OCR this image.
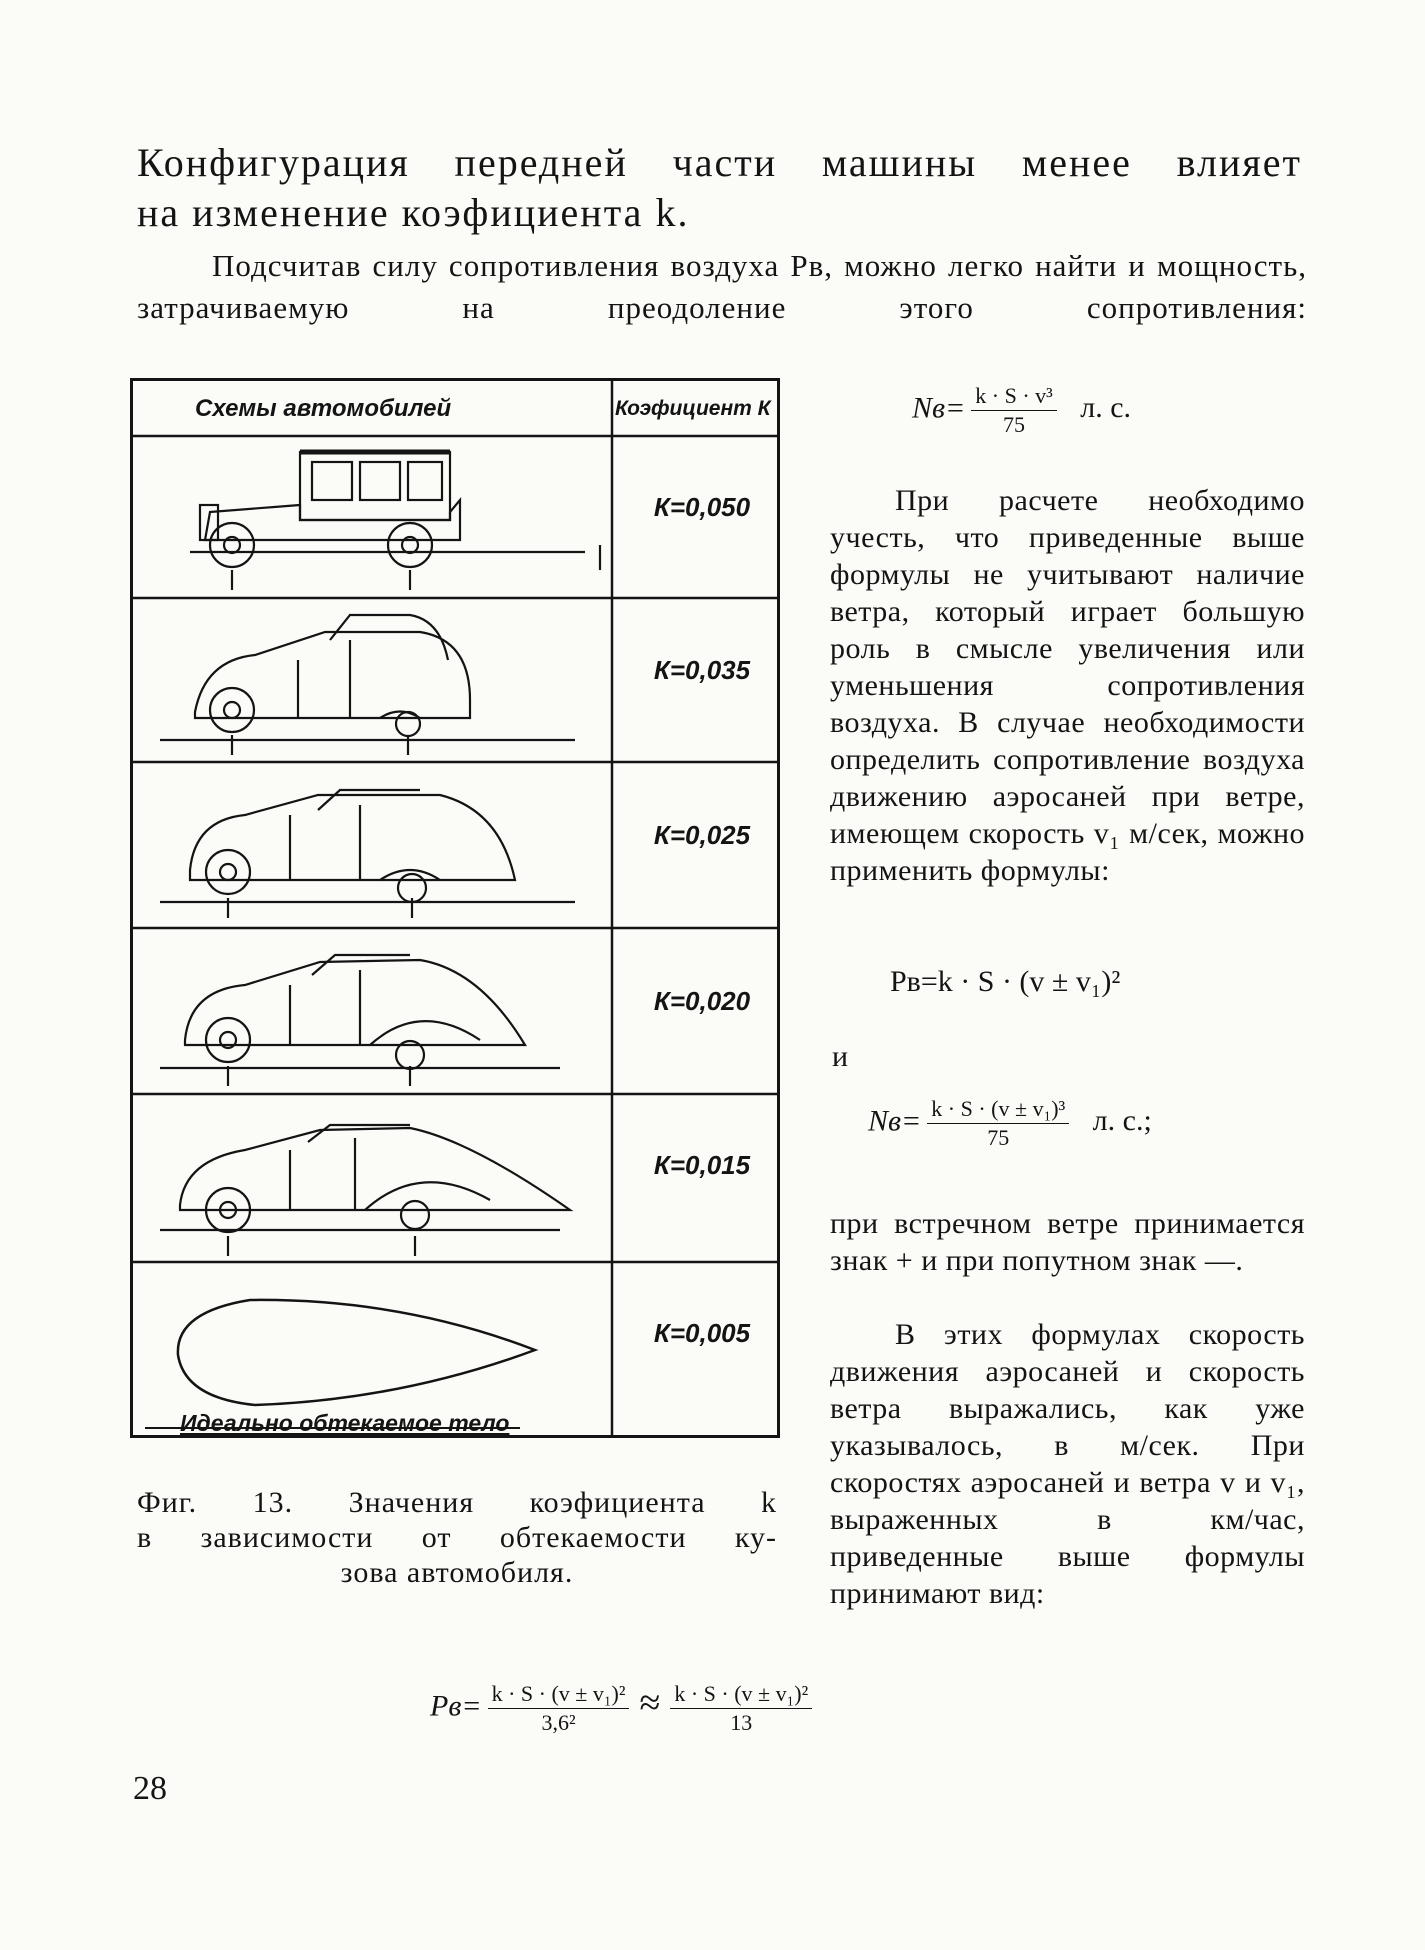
Конфигурация передней части машины менее влияет
на изменение коэфициента k.
Подсчитав силу сопротивления воздуха Pв, можно легко найти и мощность, затрачиваемую на преодоление этого сопротивления:
$Nв= \frac{\text{k · S · v³}}{75} л$. с.
Схемы автомобилей	Коэфициент К
К=0,050
К=0,035
К=0,025
К=0,020
К=0,015
К=0,005
Идеально обтекаемое тело
Фиг. 13. Значения коэфициента k
в зависимости от обтекаемости ку-
зова автомобиля.
При расчете необходимо учесть, что приведенные выше формулы не учитывают наличие ветра, который играет большую роль в смысле увеличения или уменьшения сопротивления воздуха. В случае необходимости определить сопротивление воздуха движению аэросаней при ветре, имеющем скорость v₁ м/сек, можно применить формулы:
Pв=k · S · (v ± v₁)²
и
$Nв= \frac{\text{k · S · (v ± v₁)³}}{75} л$. с.;
при встречном ветре принимается знак + и при попутном знак —.
В этих формулах скорость движения аэросаней и скорость ветра выражались, как уже указывалось, в м/сек. При скоростях аэросаней и ветра v и v₁, выраженных в км/час, приведенные выше формулы принимают вид:
$Pв= \frac{\text{k · S · (v ± v₁)²}}{\text{3,6²}} \approx \frac{\text{k · S · (v ± v₁)²}}{13}$
28
